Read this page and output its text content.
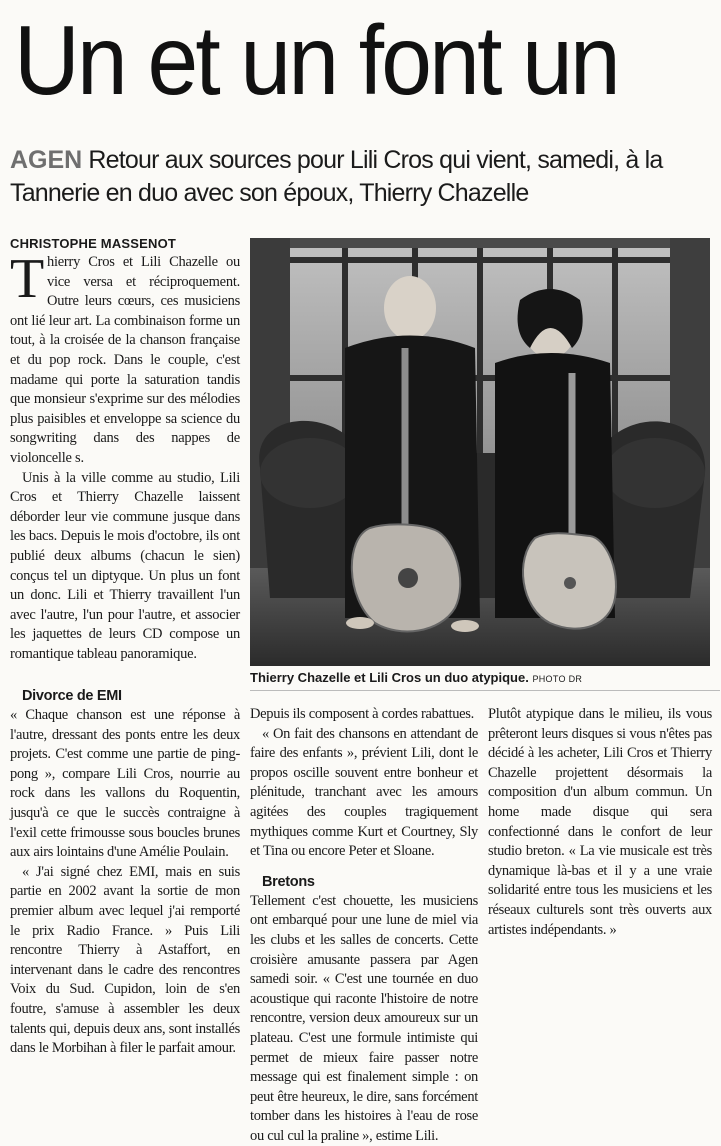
Un et un font un
AGEN Retour aux sources pour Lili Cros qui vient, samedi, à la Tannerie en duo avec son époux, Thierry Chazelle
CHRISTOPHE MASSENOT

Thierry Cros et Lili Chazelle ou vice versa et réciproquement. Outre leurs cœurs, ces musiciens ont lié leur art. La combinaison forme un tout, à la croisée de la chanson française et du pop rock. Dans le couple, c'est madame qui porte la saturation tandis que monsieur s'exprime sur des mélodies plus paisibles et enveloppe sa science du songwriting dans des nappes de violoncelle s.

Unis à la ville comme au studio, Lili Cros et Thierry Chazelle laissent déborder leur vie commune jusque dans les bacs. Depuis le mois d'octobre, ils ont publié deux albums (chacun le sien) conçus tel un diptyque. Un plus un font un donc. Lili et Thierry travaillent l'un avec l'autre, l'un pour l'autre, et associer les jaquettes de leurs CD compose un romantique tableau panoramique.

Thierry Chazelle et Lili Cros un duo atypique. PHOTO DR

Divorce de EMI

« Chaque chanson est une réponse à l'autre, dressant des ponts entre les deux projets. C'est comme une partie de ping-pong », compare Lili Cros, nourrie au rock dans les vallons du Roquentin, jusqu'à ce que le succès contraigne à l'exil cette frimousse sous boucles brunes aux airs lointains d'une Amélie Poulain.

« J'ai signé chez EMI, mais en suis partie en 2002 avant la sortie de mon premier album avec lequel j'ai remporté le prix Radio France. » Puis Lili rencontre Thierry à Astaffort, en intervenant dans le cadre des rencontres Voix du Sud. Cupidon, loin de s'en foutre, s'amuse à assembler les deux talents qui, depuis deux ans, sont installés dans le Morbihan à filer le parfait amour.

Depuis ils composent à cordes rabattues.

« On fait des chansons en attendant de faire des enfants », prévient Lili, dont le propos oscille souvent entre bonheur et plénitude, tranchant avec les amours agitées des couples tragiquement mythiques comme Kurt et Courtney, Sly et Tina ou encore Peter et Sloane.

Bretons

Tellement c'est chouette, les musiciens ont embarqué pour une lune de miel via les clubs et les salles de concerts. Cette croisière amusante passera par Agen samedi soir. « C'est une tournée en duo acoustique qui raconte l'histoire de notre rencontre, version deux amoureux sur un plateau. C'est une formule intimiste qui permet de mieux faire passer notre message qui est finalement simple : on peut être heureux, le dire, sans forcément tomber dans les histoires à l'eau de rose ou cul cul la praline », estime Lili.

Plutôt atypique dans le milieu, ils vous prêteront leurs disques si vous n'êtes pas décidé à les acheter, Lili Cros et Thierry Chazelle projettent désormais la composition d'un album commun. Un home made disque qui sera confectionné dans le confort de leur studio breton. « La vie musicale est très dynamique là-bas et il y a une vraie solidarité entre tous les musiciens et les réseaux culturels sont très ouverts aux artistes indépendants. »
